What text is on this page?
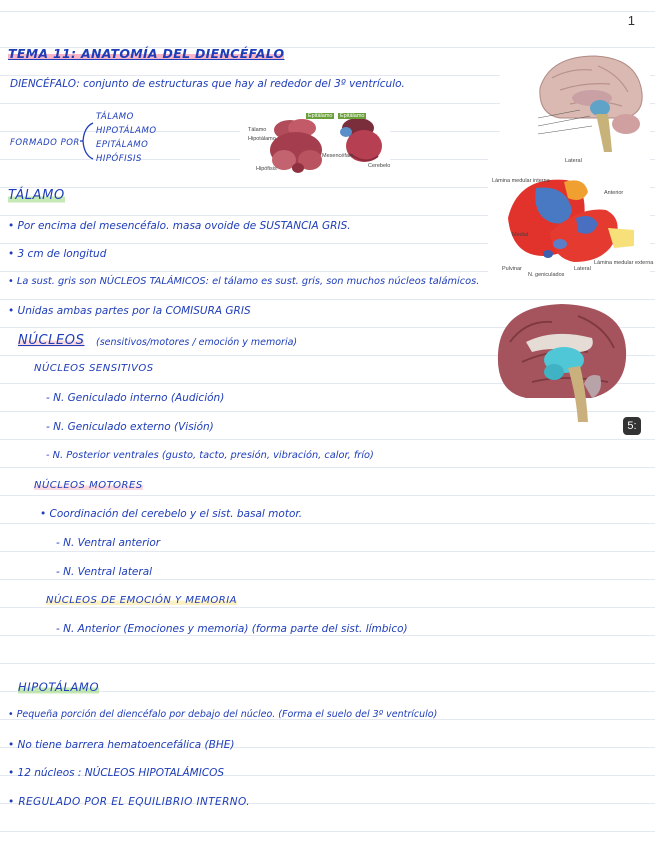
1
TEMA 11: ANATOMÍA DEL DIENCÉFALO
DIENCÉFALO: conjunto de estructuras que hay al rededor del 3º ventrículo.
FORMADO POR
TÁLAMO
HIPOTÁLAMO
EPITÁLAMO
HIPÓFISIS
Tálamo
Hipotálamo
Epitálamo	Epitálamo
Hipófisis	Cerebelo
Mesencéfalo
Lateral
Lámina medular interna
Anterior
Medial
Pulvinar
N. geniculados
Lateral
Lámina medular externa
5:
TÁLAMO
• Por encima del mesencéfalo. masa ovoide de SUSTANCIA GRIS.
• 3 cm de longitud
• La sust. gris son NÚCLEOS TALÁMICOS: el tálamo es sust. gris, son muchos núcleos talámicos.
• Unidas ambas partes por la COMISURA GRIS
NÚCLEOS (sensitivos/motores / emoción y memoria)
NÚCLEOS SENSITIVOS
- N. Geniculado interno (Audición)
- N. Geniculado externo (Visión)
- N. Posterior ventrales (gusto, tacto, presión, vibración, calor, frío)
NÚCLEOS MOTORES
• Coordinación del cerebelo y el sist. basal motor.
- N. Ventral anterior
- N. Ventral lateral
NÚCLEOS DE EMOCIÓN Y MEMORIA
- N. Anterior (Emociones y memoria) (forma parte del sist. límbico)
HIPOTÁLAMO
• Pequeña porción del diencéfalo por debajo del núcleo. (Forma el suelo del 3º ventrículo)
• No tiene barrera hematoencefálica (BHE)
• 12 núcleos : NÚCLEOS HIPOTALÁMICOS
• REGULADO POR EL EQUILIBRIO INTERNO.
